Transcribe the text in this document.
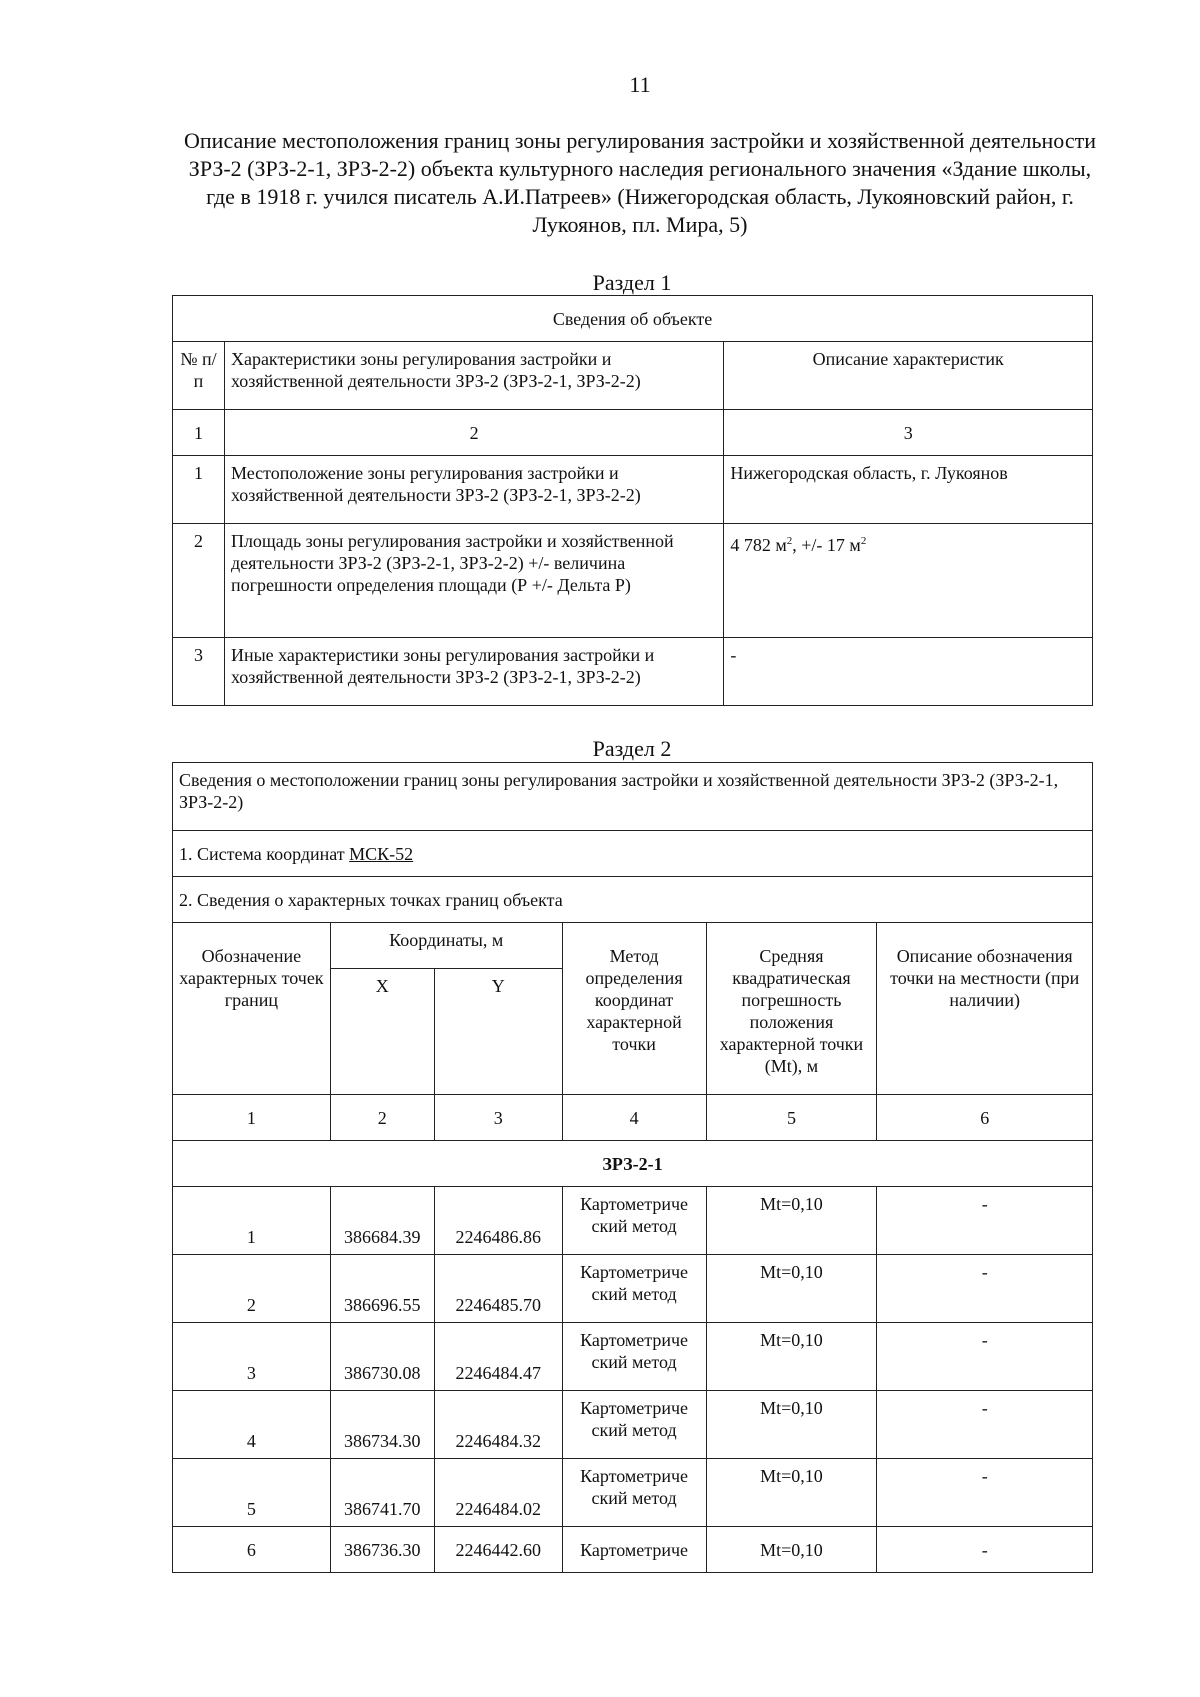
11
Описание местоположения границ зоны регулирования застройки и хозяйственной деятельности ЗРЗ-2 (ЗРЗ-2-1, ЗРЗ-2-2) объекта культурного наследия регионального значения «Здание школы, где в 1918 г. учился писатель А.И.Патреев» (Нижегородская область, Лукояновский район, г. Лукоянов, пл. Мира, 5)
Раздел 1
Сведения об объекте		
№ п/п	Характеристики зоны регулирования застройки и хозяйственной деятельности ЗРЗ-2 (ЗРЗ-2-1, ЗРЗ-2-2)	Описание характеристик
1	2	3
1	Местоположение зоны регулирования застройки и хозяйственной деятельности ЗРЗ-2 (ЗРЗ-2-1, ЗРЗ-2-2)	Нижегородская область, г. Лукоянов
2	Площадь зоны регулирования застройки и хозяйственной деятельности ЗРЗ-2 (ЗРЗ-2-1, ЗРЗ-2-2) +/- величина погрешности определения площади (Р +/- Дельта Р)	4 782 $м^2$, +/- 17 $м^2$
3	Иные характеристики зоны регулирования застройки и хозяйственной деятельности ЗРЗ-2 (ЗРЗ-2-1, ЗРЗ-2-2)	-
Раздел 2
Сведения о местоположении границ зоны регулирования застройки и хозяйственной деятельности ЗРЗ-2 (ЗРЗ-2-1, ЗРЗ-2-2)					
1. Система координат МСК-52					
2. Сведения о характерных точках границ объекта					
Обозначение характерных точек границ	Координаты, м		Метод определения координат характерной точки	Средняя квадратическая погрешность положения характерной точки (Mt), м	Описание обозначения точки на местности (при наличии)
	X	Y			
1	2	3	4	5	6
ЗРЗ-2-1					
1	386684.39	2246486.86	Картометриче ский метод	Mt=0,10	-
2	386696.55	2246485.70	Картометриче ский метод	Mt=0,10	-
3	386730.08	2246484.47	Картометриче ский метод	Mt=0,10	-
4	386734.30	2246484.32	Картометриче ский метод	Mt=0,10	-
5	386741.70	2246484.02	Картометриче ский метод	Mt=0,10	-
6	386736.30	2246442.60	Картометриче	Mt=0,10	-
